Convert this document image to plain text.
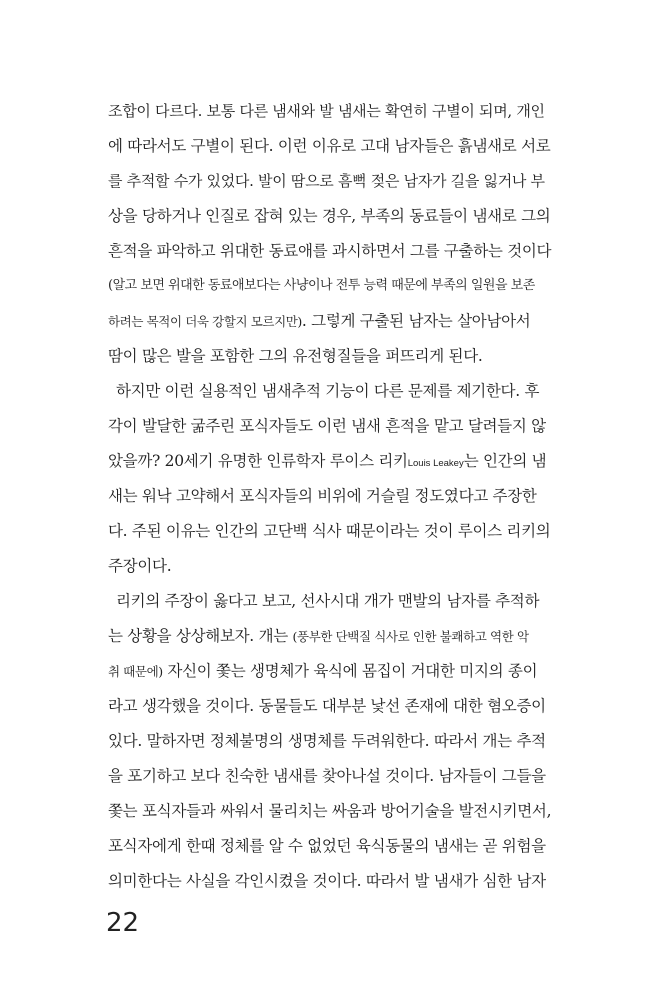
조합이 다르다. 보통 다른 냄새와 발 냄새는 확연히 구별이 되며, 개인
에 따라서도 구별이 된다. 이런 이유로 고대 남자들은 흙냄새로 서로
를 추적할 수가 있었다. 발이 땀으로 흠뻑 젖은 남자가 길을 잃거나 부
상을 당하거나 인질로 잡혀 있는 경우, 부족의 동료들이 냄새로 그의
흔적을 파악하고 위대한 동료애를 과시하면서 그를 구출하는 것이다
(알고 보면 위대한 동료애보다는 사냥이나 전투 능력 때문에 부족의 일원을 보존
하려는 목적이 더욱 강할지 모르지만). 그렇게 구출된 남자는 살아남아서
땀이 많은 발을 포함한 그의 유전형질들을 퍼뜨리게 된다.
하지만 이런 실용적인 냄새추적 기능이 다른 문제를 제기한다. 후
각이 발달한 굶주린 포식자들도 이런 냄새 흔적을 맡고 달려들지 않
았을까? 20세기 유명한 인류학자 루이스 리키Louis Leakey는 인간의 냄
새는 워낙 고약해서 포식자들의 비위에 거슬릴 정도였다고 주장한
다. 주된 이유는 인간의 고단백 식사 때문이라는 것이 루이스 리키의
주장이다.
리키의 주장이 옳다고 보고, 선사시대 개가 맨발의 남자를 추적하
는 상황을 상상해보자. 개는 (풍부한 단백질 식사로 인한 불쾌하고 역한 악
취 때문에) 자신이 쫓는 생명체가 육식에 몸집이 거대한 미지의 종이
라고 생각했을 것이다. 동물들도 대부분 낯선 존재에 대한 혐오증이
있다. 말하자면 정체불명의 생명체를 두려워한다. 따라서 개는 추적
을 포기하고 보다 친숙한 냄새를 찾아나설 것이다. 남자들이 그들을
쫓는 포식자들과 싸워서 물리치는 싸움과 방어기술을 발전시키면서,
포식자에게 한때 정체를 알 수 없었던 육식동물의 냄새는 곧 위험을
의미한다는 사실을 각인시켰을 것이다. 따라서 발 냄새가 심한 남자
22
